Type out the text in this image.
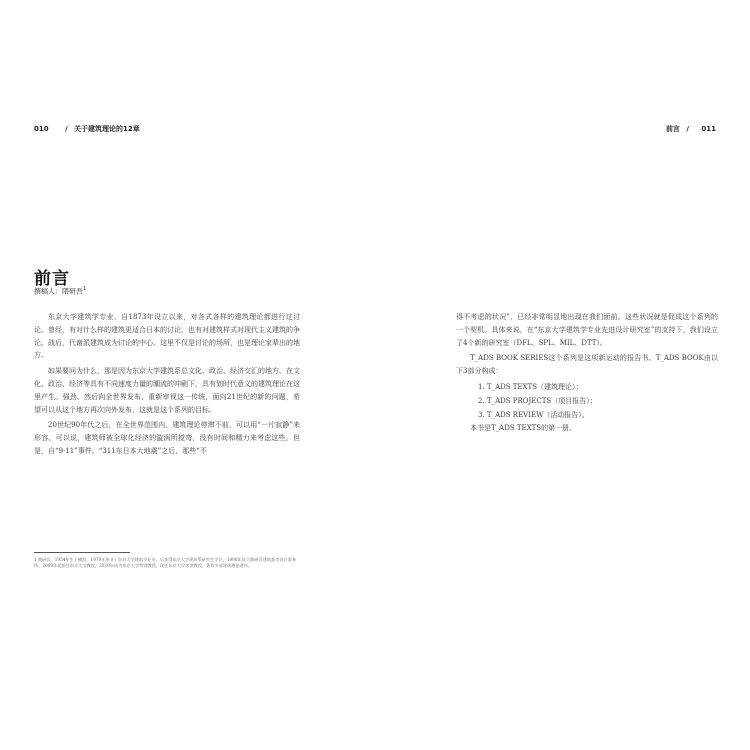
010 / 关于建筑理论的12章	前言 / 011
前言
撰稿人：隈研吾$^1$

东京大学建筑学专业，自1873年设立以来，对各式各样的建筑理论都进行过讨论。曾经，有对什么样的建筑更适合日本的讨论，也有对建筑样式对现代主义建筑的争论。战后，代谢派建筑成为讨论的中心。这里不仅是讨论的场所，也是理论家辈出的地方。

如果要问为什么，那是因为东京大学建筑系总文化、政治、经济交汇的地方。在文化、政治、经济等具有不同速度力量的潮流的冲刷下，具有划时代意义的建筑理论在这里产生。强劲、然后向全世界发布、重新审视这一传统，面向21世纪的新的问题，希望可以从这个地方再次向外发布，这就是这个系列的目标。

20世纪90年代之后，在全世界范围内，建筑理论停滞不前，可以用“一片寂静”来形容。可以说，建筑师被全球化经济的漩涡所搅弯，没有时间和精力来考虑这些。但是，自“9·11”事件、“311东日本大地震”之后，那些“不

1 隈研吾，1954年生于横滨，1979年毕业于东京大学建筑学专业，后获得东京大学建筑系研究生学位，1990年设立隈研吾建筑都市设计事务所。2009年起担任东京大学教授，2020年成为东京大学特别教授，现任东京大学名誉教授，著有多部建筑理论著作。

得不考虑的状况”，已经非常明显地出现在我们面前。这些状况就是促成这个系列的一个契机。具体来说，在“东京大学建筑学专业先进设计研究室”的支持下，我们设立了4个新的研究室（DFL、SPL、MIL、DTT）。

T_ADS BOOK SERIES这个系列是这项新运动的报告书。T_ADS BOOK由以下3部分构成：

1. T_ADS TEXTS（建筑理论）；
2. T_ADS PROJECTS（项目报告）；
3. T_ADS REVIEW（活动报告）。

本书是T_ADS TEXTS的第一册。
